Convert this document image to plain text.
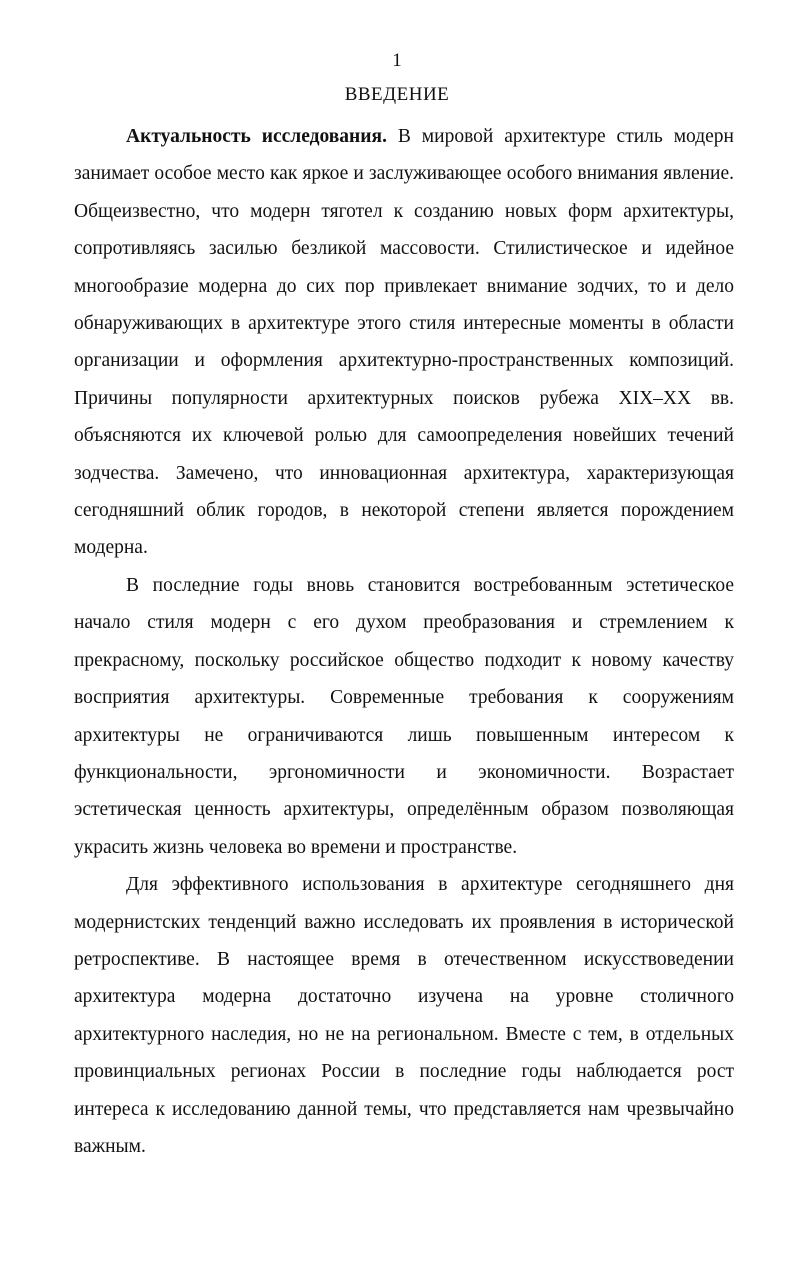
1
ВВЕДЕНИЕ

Актуальность исследования. В мировой архитектуре стиль модерн занимает особое место как яркое и заслуживающее особого внимания явление. Общеизвестно, что модерн тяготел к созданию новых форм архитектуры, сопротивляясь засилью безликой массовости. Стилистическое и идейное многообразие модерна до сих пор привлекает внимание зодчих, то и дело обнаруживающих в архитектуре этого стиля интересные моменты в области организации и оформления архитектурно-пространственных композиций. Причины популярности архитектурных поисков рубежа XIX–XX вв. объясняются их ключевой ролью для самоопределения новейших течений зодчества. Замечено, что инновационная архитектура, характеризующая сегодняшний облик городов, в некоторой степени является порождением модерна.

В последние годы вновь становится востребованным эстетическое начало стиля модерн с его духом преобразования и стремлением к прекрасному, поскольку российское общество подходит к новому качеству восприятия архитектуры. Современные требования к сооружениям архитектуры не ограничиваются лишь повышенным интересом к функциональности, эргономичности и экономичности. Возрастает эстетическая ценность архитектуры, определённым образом позволяющая украсить жизнь человека во времени и пространстве.

Для эффективного использования в архитектуре сегодняшнего дня модернистских тенденций важно исследовать их проявления в исторической ретроспективе. В настоящее время в отечественном искусствоведении архитектура модерна достаточно изучена на уровне столичного архитектурного наследия, но не на региональном. Вместе с тем, в отдельных провинциальных регионах России в последние годы наблюдается рост интереса к исследованию данной темы, что представляется нам чрезвычайно важным.
